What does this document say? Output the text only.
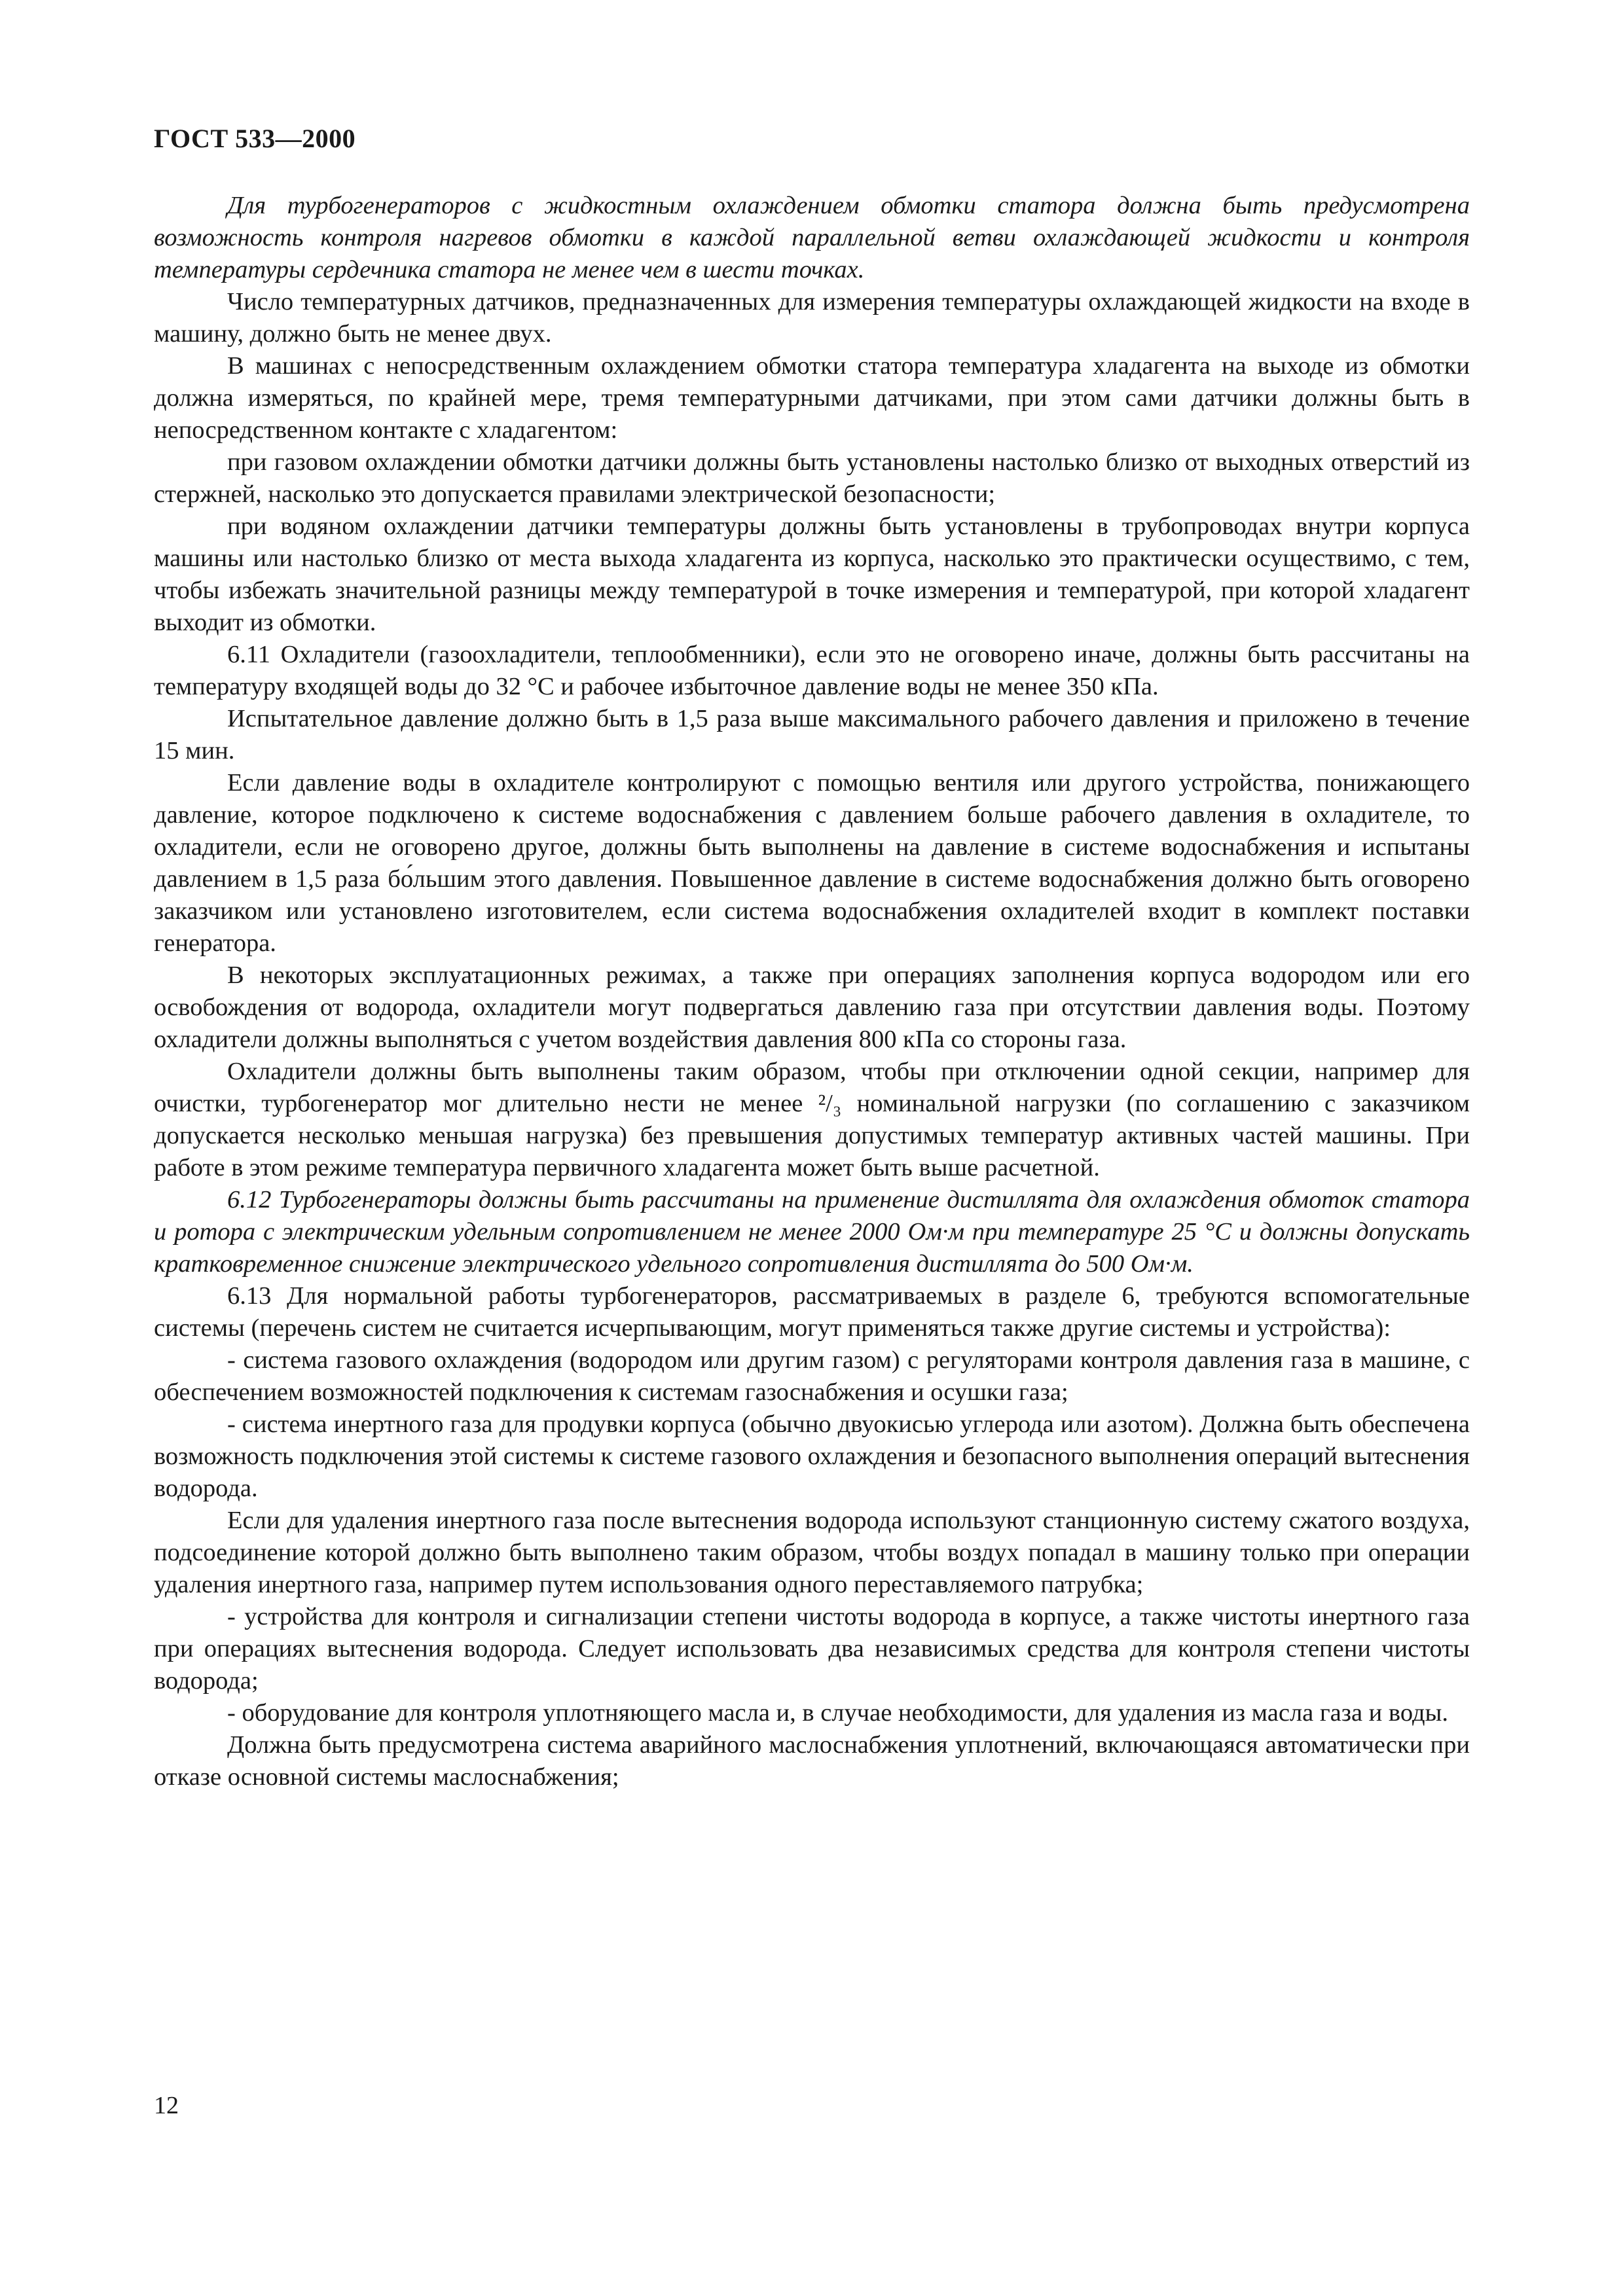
ГОСТ 533—2000

Для турбогенераторов с жидкостным охлаждением обмотки статора должна быть предусмотрена возможность контроля нагревов обмотки в каждой параллельной ветви охлаждающей жидкости и контроля температуры сердечника статора не менее чем в шести точках.

Число температурных датчиков, предназначенных для измерения температуры охлаждающей жидкости на входе в машину, должно быть не менее двух.

В машинах с непосредственным охлаждением обмотки статора температура хладагента на выходе из обмотки должна измеряться, по крайней мере, тремя температурными датчиками, при этом сами датчики должны быть в непосредственном контакте с хладагентом:

при газовом охлаждении обмотки датчики должны быть установлены настолько близко от выходных отверстий из стержней, насколько это допускается правилами электрической безопасности;

при водяном охлаждении датчики температуры должны быть установлены в трубопроводах внутри корпуса машины или настолько близко от места выхода хладагента из корпуса, насколько это практически осуществимо, с тем, чтобы избежать значительной разницы между температурой в точке измерения и температурой, при которой хладагент выходит из обмотки.

6.11 Охладители (газоохладители, теплообменники), если это не оговорено иначе, должны быть рассчитаны на температуру входящей воды до 32 °С и рабочее избыточное давление воды не менее 350 кПа.

Испытательное давление должно быть в 1,5 раза выше максимального рабочего давления и приложено в течение 15 мин.

Если давление воды в охладителе контролируют с помощью вентиля или другого устройства, понижающего давление, которое подключено к системе водоснабжения с давлением больше рабочего давления в охладителе, то охладители, если не оговорено другое, должны быть выполнены на давление в системе водоснабжения и испытаны давлением в 1,5 раза бо́льшим этого давления. Повышенное давление в системе водоснабжения должно быть оговорено заказчиком или установлено изготовителем, если система водоснабжения охладителей входит в комплект поставки генератора.

В некоторых эксплуатационных режимах, а также при операциях заполнения корпуса водородом или его освобождения от водорода, охладители могут подвергаться давлению газа при отсутствии давления воды. Поэтому охладители должны выполняться с учетом воздействия давления 800 кПа со стороны газа.

Охладители должны быть выполнены таким образом, чтобы при отключении одной секции, например для очистки, турбогенератор мог длительно нести не менее ²/₃ номинальной нагрузки (по соглашению с заказчиком допускается несколько меньшая нагрузка) без превышения допустимых температур активных частей машины. При работе в этом режиме температура первичного хладагента может быть выше расчетной.

6.12 Турбогенераторы должны быть рассчитаны на применение дистиллята для охлаждения обмоток статора и ротора с электрическим удельным сопротивлением не менее 2000 Ом·м при температуре 25 °С и должны допускать кратковременное снижение электрического удельного сопротивления дистиллята до 500 Ом·м.

6.13 Для нормальной работы турбогенераторов, рассматриваемых в разделе 6, требуются вспомогательные системы (перечень систем не считается исчерпывающим, могут применяться также другие системы и устройства):

- система газового охлаждения (водородом или другим газом) с регуляторами контроля давления газа в машине, с обеспечением возможностей подключения к системам газоснабжения и осушки газа;

- система инертного газа для продувки корпуса (обычно двуокисью углерода или азотом). Должна быть обеспечена возможность подключения этой системы к системе газового охлаждения и безопасного выполнения операций вытеснения водорода.

Если для удаления инертного газа после вытеснения водорода используют станционную систему сжатого воздуха, подсоединение которой должно быть выполнено таким образом, чтобы воздух попадал в машину только при операции удаления инертного газа, например путем использования одного переставляемого патрубка;

- устройства для контроля и сигнализации степени чистоты водорода в корпусе, а также чистоты инертного газа при операциях вытеснения водорода. Следует использовать два независимых средства для контроля степени чистоты водорода;

- оборудование для контроля уплотняющего масла и, в случае необходимости, для удаления из масла газа и воды.

Должна быть предусмотрена система аварийного маслоснабжения уплотнений, включающаяся автоматически при отказе основной системы маслоснабжения;

12
